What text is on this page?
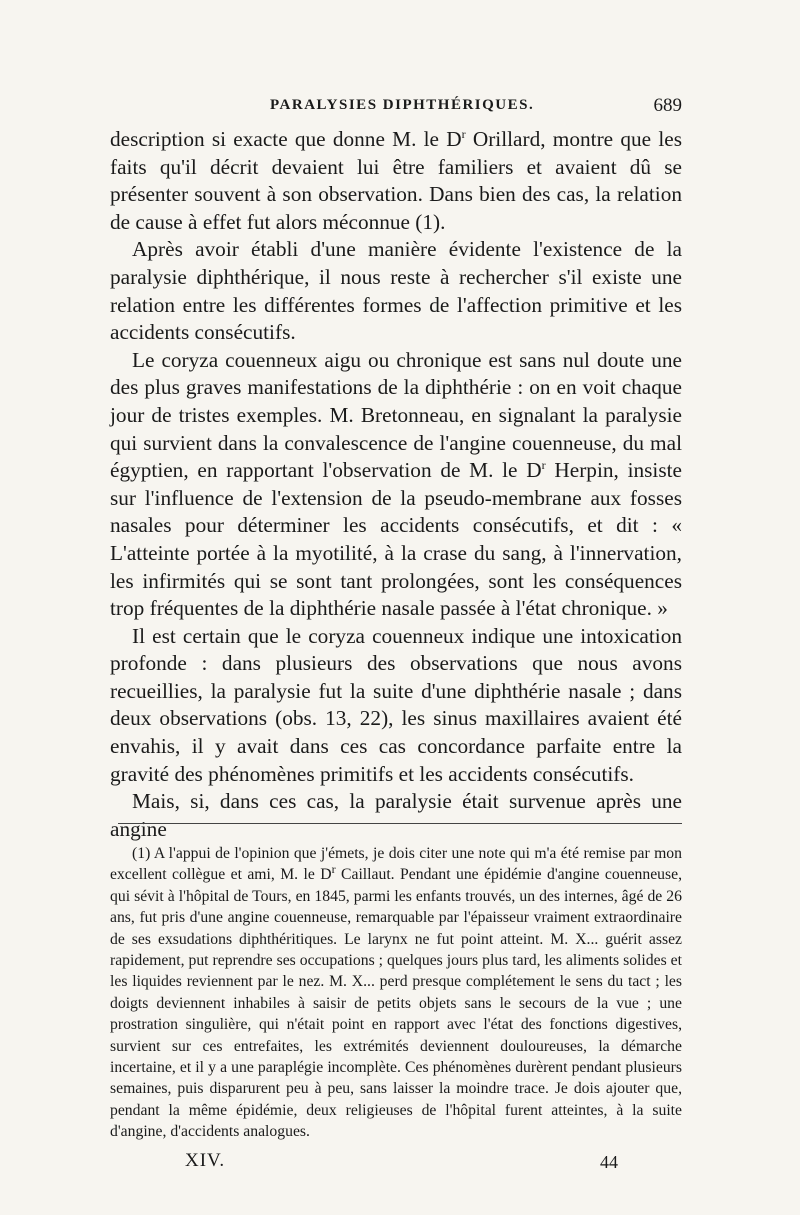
PARALYSIES DIPHTHÉRIQUES.	689

description si exacte que donne M. le $D^r$ Orillard, montre que les faits qu'il décrit devaient lui être familiers et avaient dû se présenter souvent à son observation. Dans bien des cas, la relation de cause à effet fut alors méconnue (1).

Après avoir établi d'une manière évidente l'existence de la paralysie diphthérique, il nous reste à rechercher s'il existe une relation entre les différentes formes de l'affection primitive et les accidents consécutifs.

Le coryza couenneux aigu ou chronique est sans nul doute une des plus graves manifestations de la diphthérie : on en voit chaque jour de tristes exemples. M. Bretonneau, en signalant la paralysie qui survient dans la convalescence de l'angine couenneuse, du mal égyptien, en rapportant l'observation de M. le $D^r$ Herpin, insiste sur l'influence de l'extension de la pseudo-membrane aux fosses nasales pour déterminer les accidents consécutifs, et dit : « L'atteinte portée à la myotilité, à la crase du sang, à l'innervation, les infirmités qui se sont tant prolongées, sont les conséquences trop fréquentes de la diphthérie nasale passée à l'état chronique. »

Il est certain que le coryza couenneux indique une intoxication profonde : dans plusieurs des observations que nous avons recueillies, la paralysie fut la suite d'une diphthérie nasale ; dans deux observations (obs. 13, 22), les sinus maxillaires avaient été envahis, il y avait dans ces cas concordance parfaite entre la gravité des phénomènes primitifs et les accidents consécutifs.

Mais, si, dans ces cas, la paralysie était survenue après une angine

(1) A l'appui de l'opinion que j'émets, je dois citer une note qui m'a été remise par mon excellent collègue et ami, M. le $D^r$ Caillaut. Pendant une épidémie d'angine couenneuse, qui sévit à l'hôpital de Tours, en 1845, parmi les enfants trouvés, un des internes, âgé de 26 ans, fut pris d'une angine couenneuse, remarquable par l'épaisseur vraiment extraordinaire de ses exsudations diphthéritiques. Le larynx ne fut point atteint. M. X... guérit assez rapidement, put reprendre ses occupations ; quelques jours plus tard, les aliments solides et les liquides reviennent par le nez. M. X... perd presque complétement le sens du tact ; les doigts deviennent inhabiles à saisir de petits objets sans le secours de la vue ; une prostration singulière, qui n'était point en rapport avec l'état des fonctions digestives, survient sur ces entrefaites, les extrémités deviennent douloureuses, la démarche incertaine, et il y a une paraplégie incomplète. Ces phénomènes durèrent pendant plusieurs semaines, puis disparurent peu à peu, sans laisser la moindre trace. Je dois ajouter que, pendant la même épidémie, deux religieuses de l'hôpital furent atteintes, à la suite d'angine, d'accidents analogues.

XIV.	44
